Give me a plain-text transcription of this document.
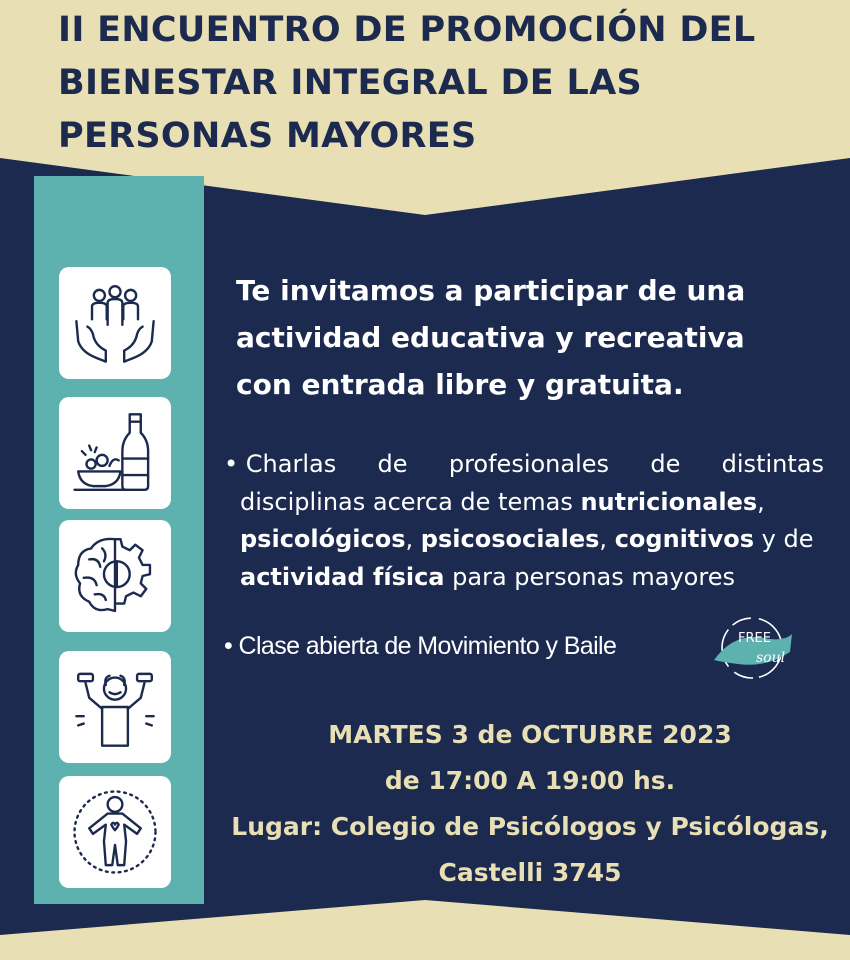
II ENCUENTRO DE PROMOCIÓN DEL
BIENESTAR INTEGRAL DE LAS
PERSONAS MAYORES

Te invitamos a participar de una
actividad educativa y recreativa
con entrada libre y gratuita.

• Charlas de profesionales de distintas
disciplinas acerca de temas nutricionales ,
psicológicos , psicosociales , cognitivos y de
actividad física para personas mayores
• Clase abierta de Movimiento y Baile	FREE
soul
MARTES 3 de OCTUBRE 2023
de 17:00 A 19:00 hs.
Lugar: Colegio de Psicólogos y Psicólogas,
Castelli 3745
